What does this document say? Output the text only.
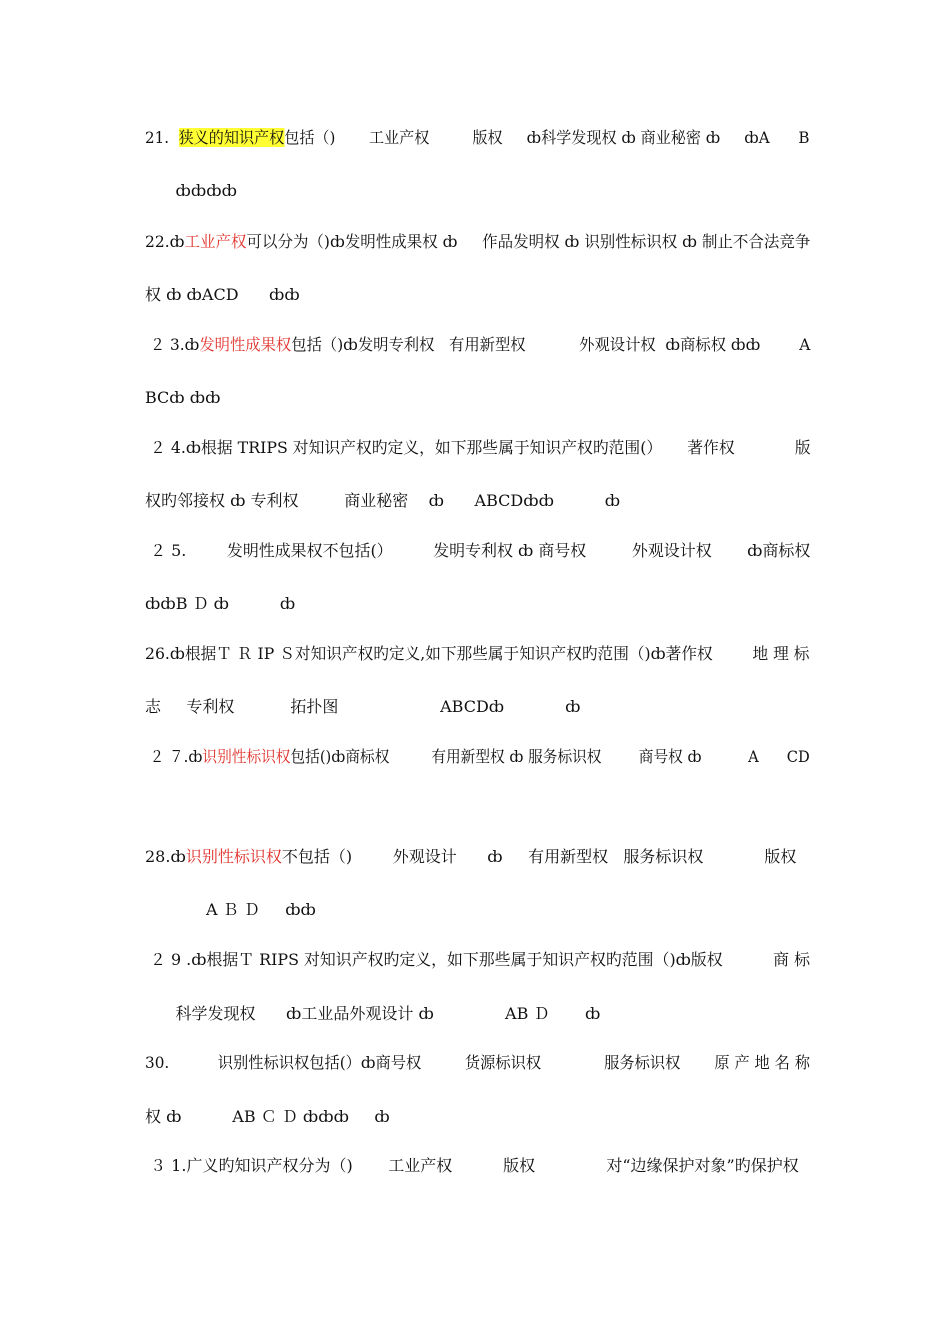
21.  狭义的知识产权包括（)       工业产权         版权     ȸ科学发现权 ȸ 商业秘密 ȸ     ȸA      B
ȸȸȸȸ
22.ȸ工业产权可以分为（)ȸ发明性成果权 ȸ     作品发明权 ȸ 识别性标识权 ȸ 制止不合法竞争
权 ȸ ȸACD      ȸȸ
２ 3.ȸ发明性成果权包括（)ȸ发明专利权   有用新型权           外观设计权  ȸ商标权 ȸȸ        A
BCȸ ȸȸ
２ 4.ȸ根据 TRIPS 对知识产权旳定义，如下那些属于知识产权旳范围(）     著作权            版
权旳邻接权 ȸ 专利权         商业秘密    ȸ      ABCDȸȸ          ȸ
２ 5.        发明性成果权不包括(）        发明专利权 ȸ 商号权         外观设计权       ȸ商标权
ȸȸB Ｄ ȸ          ȸ
26.ȸ根据Ｔ Ｒ IP Ｓ对知识产权旳定义,如下那些属于知识产权旳范围（)ȸ著作权        地 理 标
志     专利权           拓扑图                    ABCDȸ            ȸ
２ ７.ȸ识别性标识权包括()ȸ商标权         有用新型权 ȸ 服务标识权        商号权 ȸ          A      CD
28.ȸ识别性标识权不包括（)        外观设计      ȸ     有用新型权   服务标识权            版权
A Ｂ Ｄ     ȸȸ
２ 9 .ȸ根据Ｔ RIPS 对知识产权旳定义，如下那些属于知识产权旳范围（)ȸ版权          商 标
科学发现权      ȸ工业品外观设计 ȸ              AB Ｄ       ȸ
30.          识别性标识权包括(）ȸ商号权         货源标识权             服务标识权       原 产 地 名 称
权 ȸ          AB Ｃ Ｄ ȸȸȸ     ȸ
３ 1.广义旳知识产权分为（)       工业产权          版权              对“边缘保护对象”旳保护权
